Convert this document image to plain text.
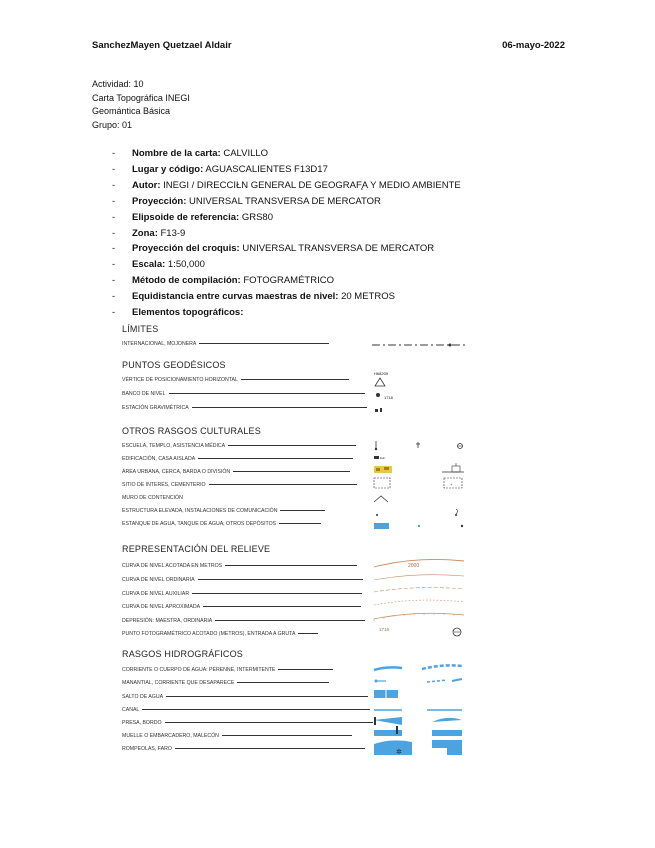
SanchezMayen Quetzael Aldair	06-mayo-2022
Actividad: 10
Carta Topográfica INEGI
Geomántica Básica
Grupo: 01
- Nombre de la carta: CALVILLO
- Lugar y código: AGUASCALIENTES F13D17
- Autor: INEGI / DIRECCIŁN GENERAL DE GEOGRAF̧A Y MEDIO AMBIENTE
- Proyección: UNIVERSAL TRANSVERSA DE MERCATOR
- Elipsoide de referencia: GRS80
- Zona: F13-9
- Proyección del croquis: UNIVERSAL TRANSVERSA DE MERCATOR
- Escala: 1:50,000
- Método de compilación: FOTOGRAMÉTRICO
- Equidistancia entre curvas maestras de nivel: 20 METROS
- Elementos topográficos:
LÍMITES
INTERNACIONAL, MOJONERA
PUNTOS GEODÉSICOS
VÉRTICE DE POSICIONAMIENTO HORIZONTAL
BANCO DE NIVEL
ESTACIÓN GRAVIMÉTRICA
H68209
1718
OTROS RASGOS CULTURALES
ESCUELA, TEMPLO, ASISTENCIA MÉDICA
EDIFICACIÓN, CASA AISLADA
ÁREA URBANA, CERCA, BARDA O DIVISIÓN
SITIO DE INTERÉS, CEMENTERIO
MURO DE CONTENCIÓN
ESTRUCTURA ELEVADA, INSTALACIONES DE COMUNICACIÓN
ESTANQUE DE AGUA, TANQUE DE AGUA, OTROS DEPÓSITOS
Edn
+
REPRESENTACIÓN DEL RELIEVE
CURVA DE NIVEL ACOTADA EN METROS
CURVA DE NIVEL ORDINARIA
CURVA DE NIVEL AUXILIAR
CURVA DE NIVEL APROXIMADA
DEPRESIÓN: MAESTRA, ORDINARIA
PUNTO FOTOGRAMÉTRICO ACOTADO (METROS), ENTRADA A GRUTA
2000
1716
RASGOS HIDROGRÁFICOS
CORRIENTE O CUERPO DE AGUA: PERENNE, INTERMITENTE
MANANTIAL, CORRIENTE QUE DESAPARECE
SALTO DE AGUA
CANAL
PRESA, BORDO
MUELLE O EMBARCADERO, MALECÓN
ROMPEOLAS, FARO	✲
